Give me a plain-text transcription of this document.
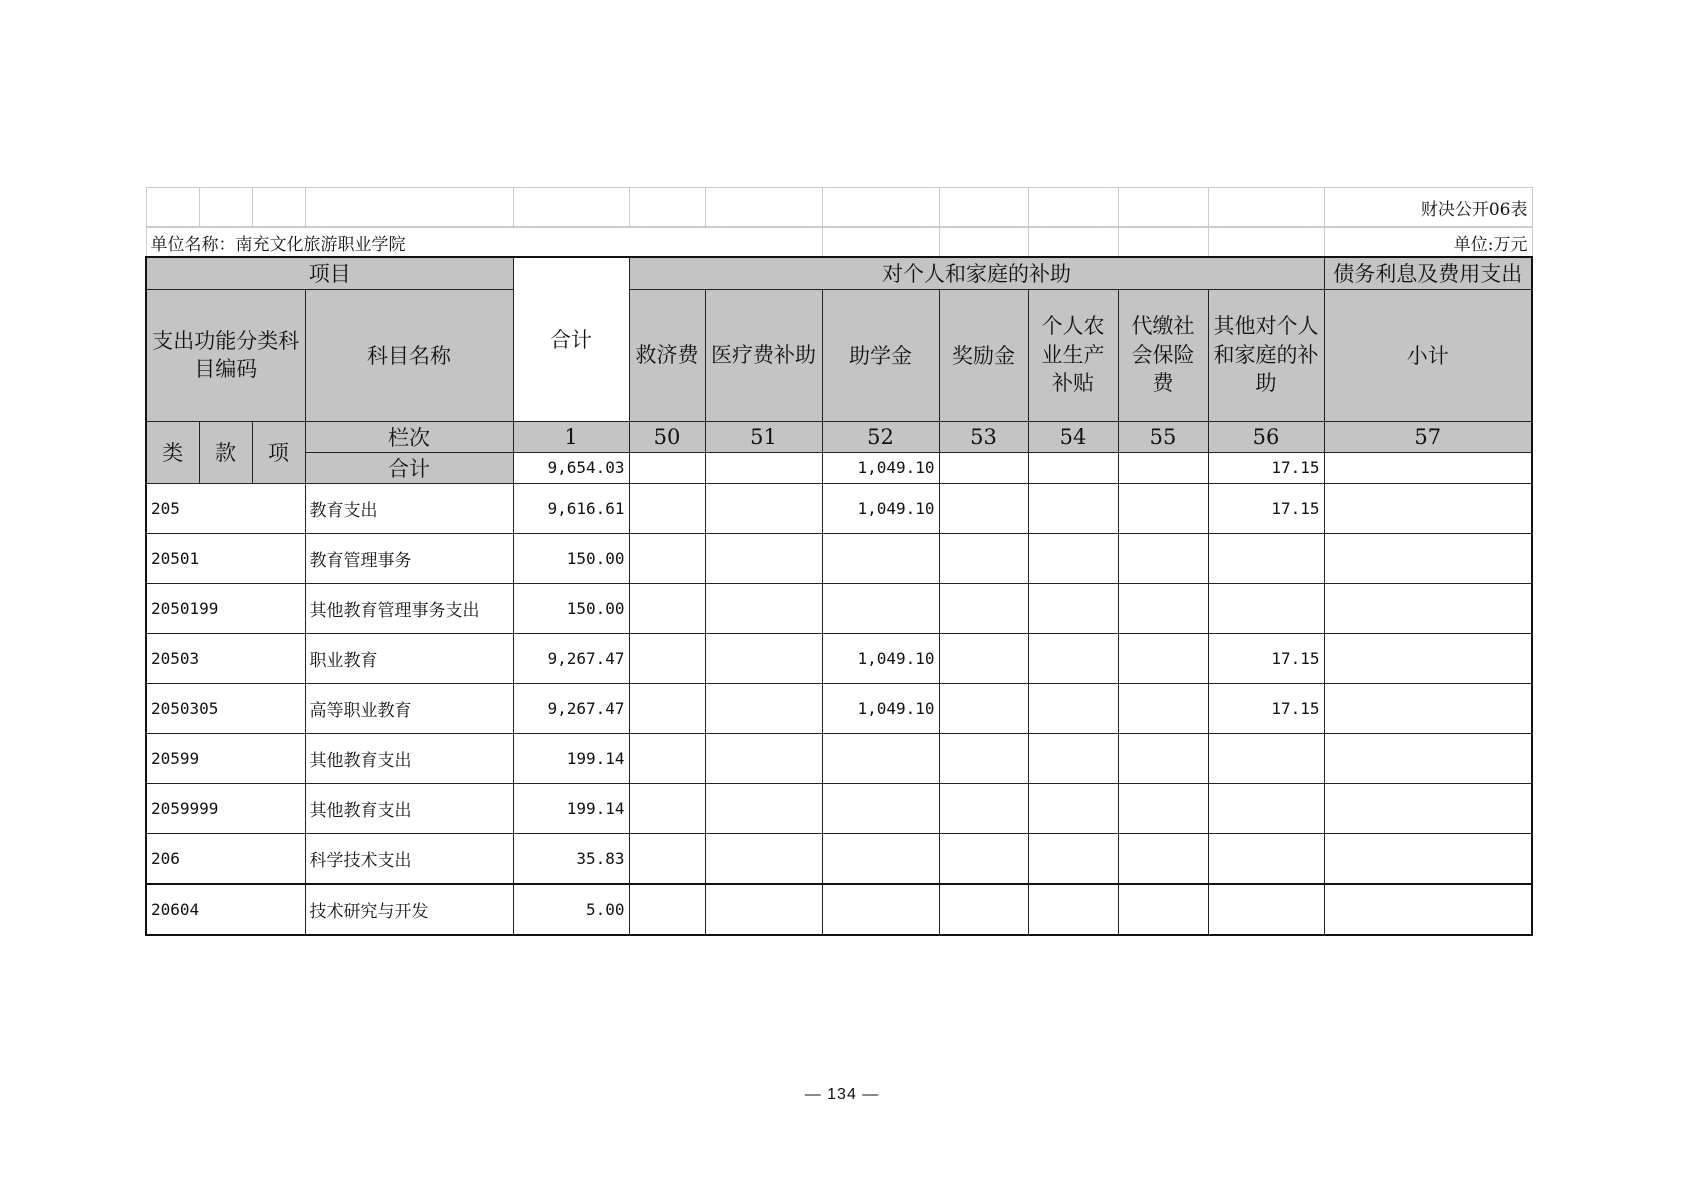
												财决公开06表
单位名称：南充文化旅游职业学院												单位:万元
项目				合计	对个人和家庭的补助							债务利息及费用支出
支出功能分类科目编码			科目名称		救济费	医疗费补助	助学金	奖励金	个人农业生产补贴	代缴社会保险费	其他对个人和家庭的补助	小计
类	款	项	栏次	1	50	51	52	53	54	55	56	57
			合计	9,654.03			1,049.10				17.15	
205			教育支出	9,616.61			1,049.10				17.15	
20501			教育管理事务	150.00								
2050199			其他教育管理事务支出	150.00								
20503			职业教育	9,267.47			1,049.10				17.15	
2050305			高等职业教育	9,267.47			1,049.10				17.15	
20599			其他教育支出	199.14								
2059999			其他教育支出	199.14								
206			科学技术支出	35.83								
20604			技术研究与开发	5.00								
— 134 —
